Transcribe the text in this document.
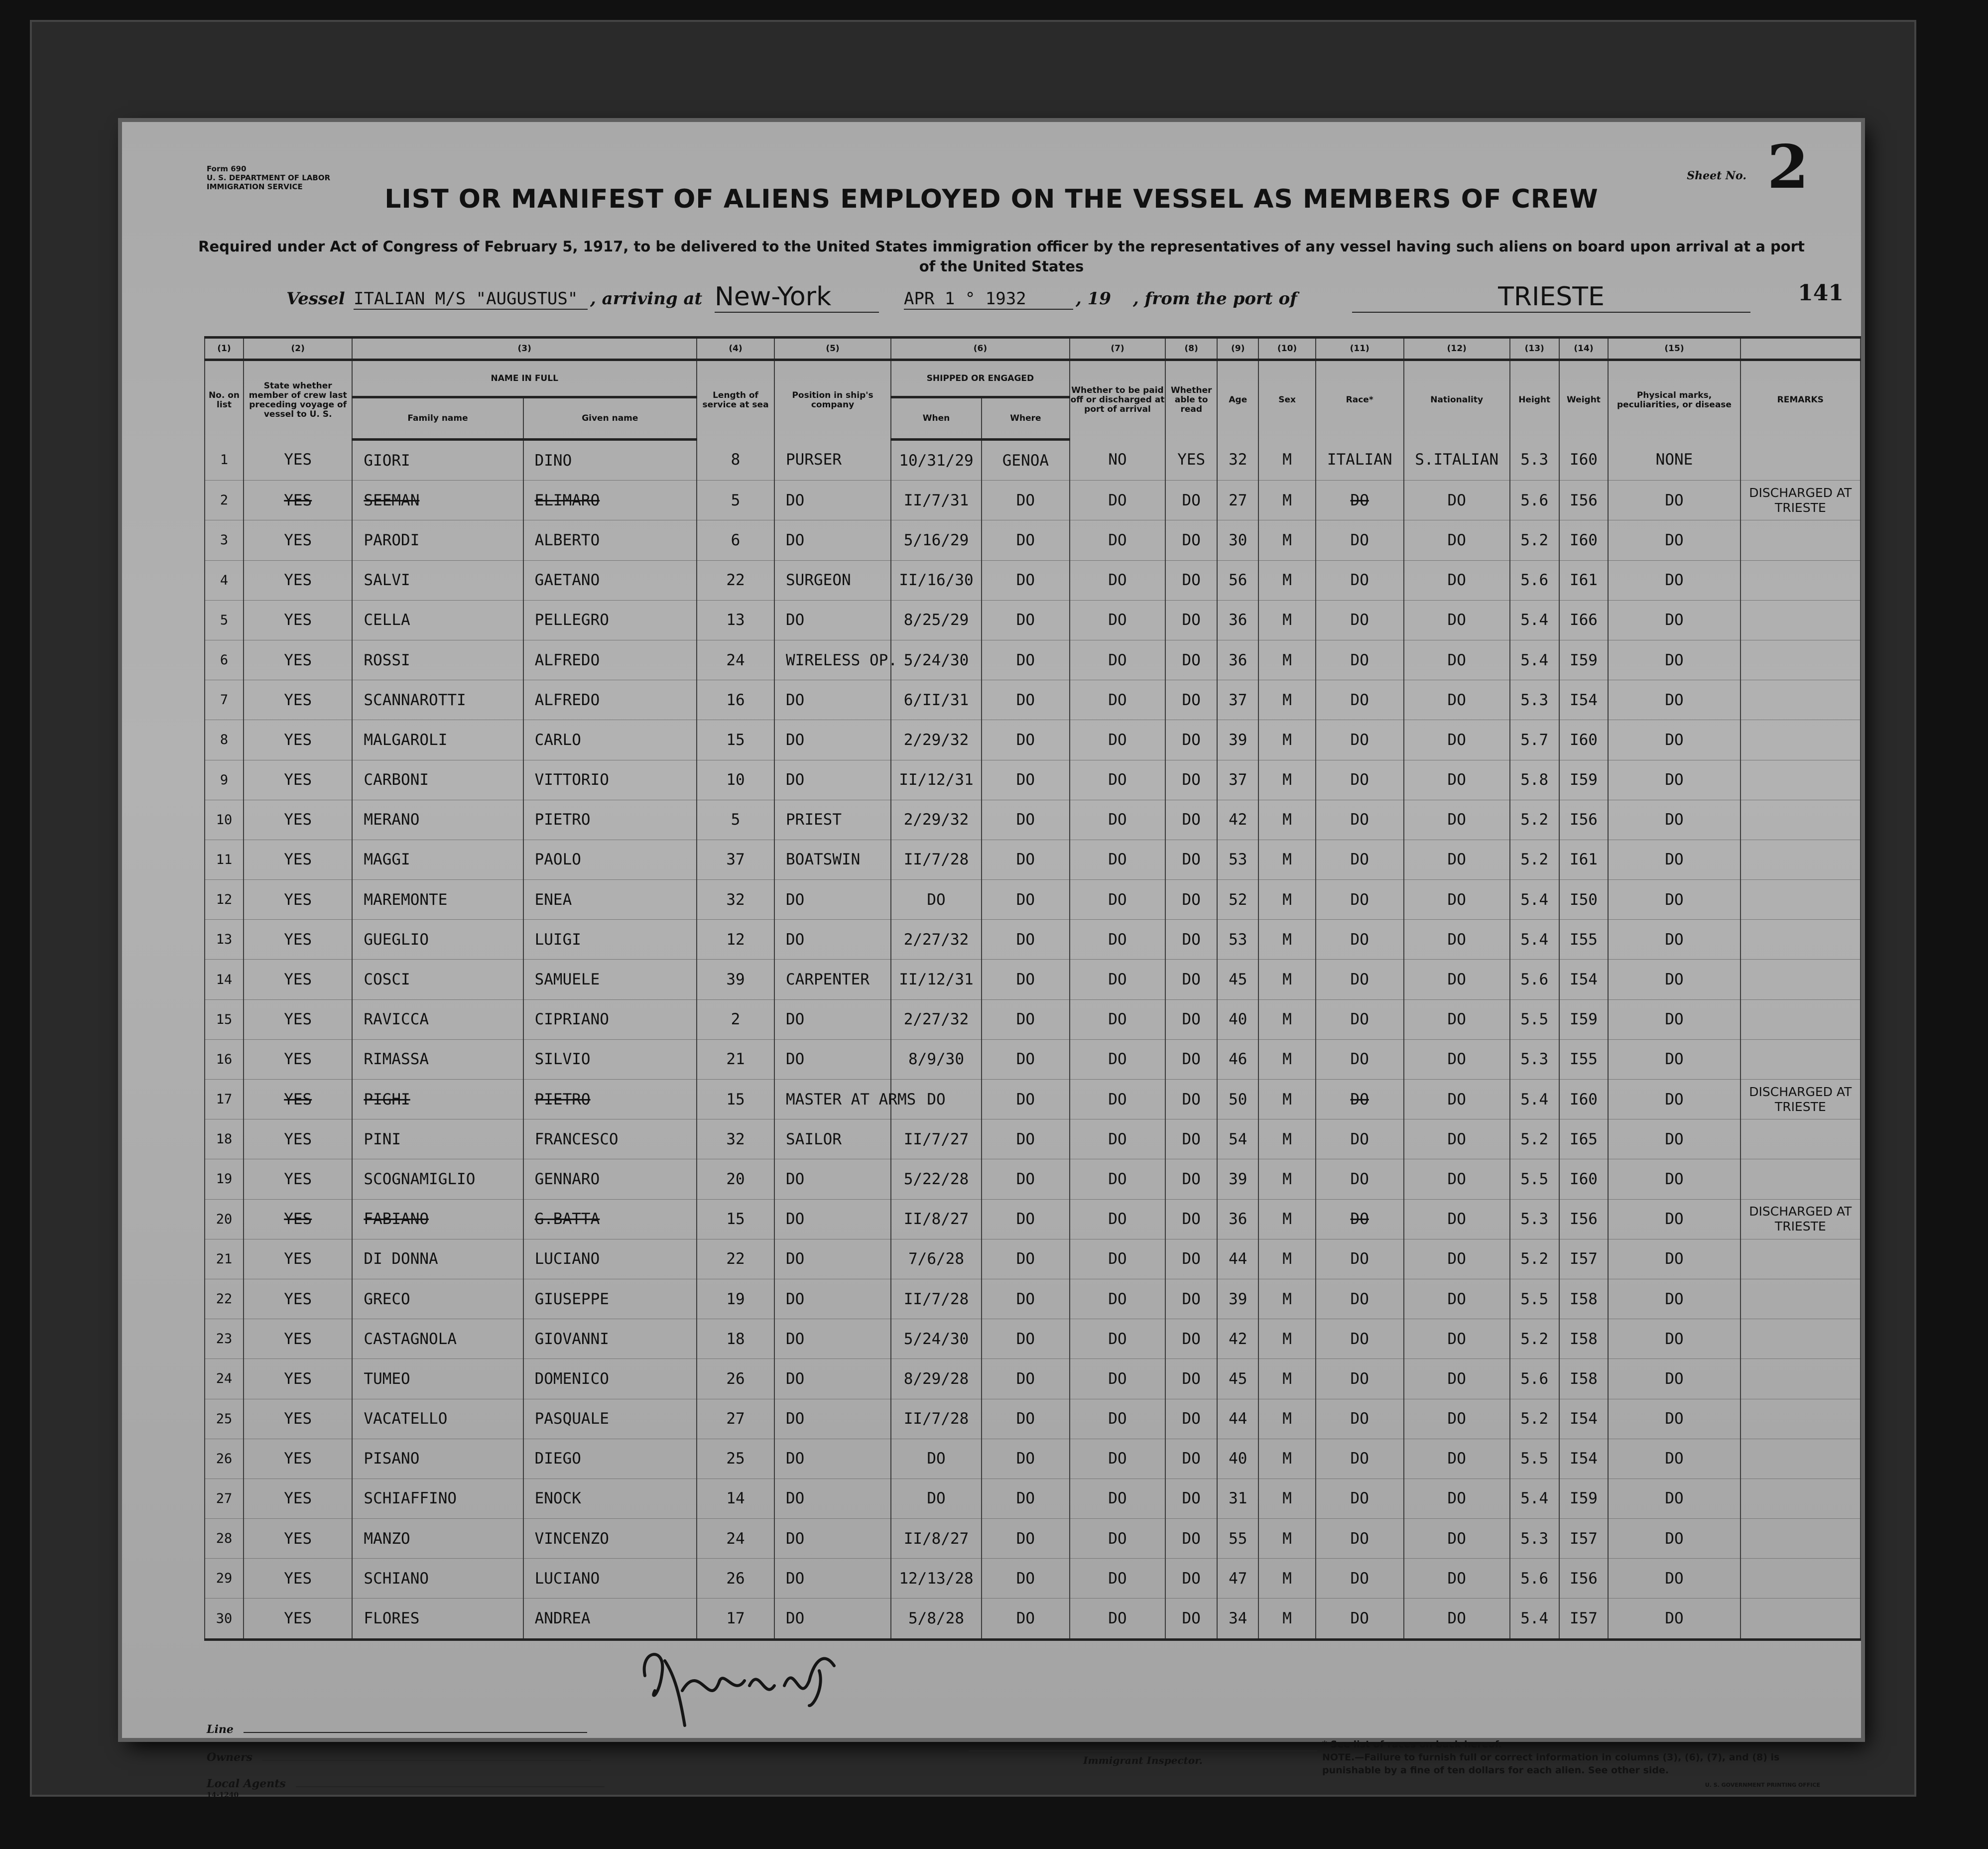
Form 690
U. S. DEPARTMENT OF LABOR
IMMIGRATION SERVICE	2
Sheet No.
LIST OR MANIFEST OF ALIENS EMPLOYED ON THE VESSEL AS MEMBERS OF CREW
Required under Act of Congress of February 5, 1917, to be delivered to the United States immigration officer by the representatives of any vessel having such aliens on board upon arrival at a port of the United States
Vessel ITALIAN M/S "AUGUSTUS" , arriving at New-York	APR 1 ° 1932	, 19 , from the port of	TRIESTE	141
(1)	(2)	(3)		(4)	(5)	(6)		(7)	(8)	(9)	(10)	(11)	(12)	(13)	(14)	(15)	
No. on list	State whether member of crew last preceding voyage of vessel to U. S.	NAME IN FULL		Length of service at sea	Position in ship's company	SHIPPED OR ENGAGED		Whether to be paid off or discharged at port of arrival	Whether able to read	Age	Sex	Race*	Nationality	Height	Weight	Physical marks, peculiarities, or disease	REMARKS
		Family name	Given name			When	Where										
1	YES	GIORI	DINO	8	PURSER	10/31/29	GENOA	NO	YES	32	M	ITALIAN	S.ITALIAN	5.3	I60	NONE	
2	YES	SEEMAN	ELIMARO	5	DO	II/7/31	DO	DO	DO	27	M	DO	DO	5.6	I56	DO	DISCHARGED AT TRIESTE
3	YES	PARODI	ALBERTO	6	DO	5/16/29	DO	DO	DO	30	M	DO	DO	5.2	I60	DO	
4	YES	SALVI	GAETANO	22	SURGEON	II/16/30	DO	DO	DO	56	M	DO	DO	5.6	I61	DO	
5	YES	CELLA	PELLEGRO	13	DO	8/25/29	DO	DO	DO	36	M	DO	DO	5.4	I66	DO	
6	YES	ROSSI	ALFREDO	24	WIRELESS OP.	5/24/30	DO	DO	DO	36	M	DO	DO	5.4	I59	DO	
7	YES	SCANNAROTTI	ALFREDO	16	DO	6/II/31	DO	DO	DO	37	M	DO	DO	5.3	I54	DO	
8	YES	MALGAROLI	CARLO	15	DO	2/29/32	DO	DO	DO	39	M	DO	DO	5.7	I60	DO	
9	YES	CARBONI	VITTORIO	10	DO	II/12/31	DO	DO	DO	37	M	DO	DO	5.8	I59	DO	
10	YES	MERANO	PIETRO	5	PRIEST	2/29/32	DO	DO	DO	42	M	DO	DO	5.2	I56	DO	
11	YES	MAGGI	PAOLO	37	BOATSWIN	II/7/28	DO	DO	DO	53	M	DO	DO	5.2	I61	DO	
12	YES	MAREMONTE	ENEA	32	DO	DO	DO	DO	DO	52	M	DO	DO	5.4	I50	DO	
13	YES	GUEGLIO	LUIGI	12	DO	2/27/32	DO	DO	DO	53	M	DO	DO	5.4	I55	DO	
14	YES	COSCI	SAMUELE	39	CARPENTER	II/12/31	DO	DO	DO	45	M	DO	DO	5.6	I54	DO	
15	YES	RAVICCA	CIPRIANO	2	DO	2/27/32	DO	DO	DO	40	M	DO	DO	5.5	I59	DO	
16	YES	RIMASSA	SILVIO	21	DO	8/9/30	DO	DO	DO	46	M	DO	DO	5.3	I55	DO	
17	YES	PIGHI	PIETRO	15	MASTER AT ARMS	DO	DO	DO	DO	50	M	DO	DO	5.4	I60	DO	DISCHARGED AT TRIESTE
18	YES	PINI	FRANCESCO	32	SAILOR	II/7/27	DO	DO	DO	54	M	DO	DO	5.2	I65	DO	
19	YES	SCOGNAMIGLIO	GENNARO	20	DO	5/22/28	DO	DO	DO	39	M	DO	DO	5.5	I60	DO	
20	YES	FABIANO	G.BATTA	15	DO	II/8/27	DO	DO	DO	36	M	DO	DO	5.3	I56	DO	DISCHARGED AT TRIESTE
21	YES	DI DONNA	LUCIANO	22	DO	7/6/28	DO	DO	DO	44	M	DO	DO	5.2	I57	DO	
22	YES	GRECO	GIUSEPPE	19	DO	II/7/28	DO	DO	DO	39	M	DO	DO	5.5	I58	DO	
23	YES	CASTAGNOLA	GIOVANNI	18	DO	5/24/30	DO	DO	DO	42	M	DO	DO	5.2	I58	DO	
24	YES	TUMEO	DOMENICO	26	DO	8/29/28	DO	DO	DO	45	M	DO	DO	5.6	I58	DO	
25	YES	VACATELLO	PASQUALE	27	DO	II/7/28	DO	DO	DO	44	M	DO	DO	5.2	I54	DO	
26	YES	PISANO	DIEGO	25	DO	DO	DO	DO	DO	40	M	DO	DO	5.5	I54	DO	
27	YES	SCHIAFFINO	ENOCK	14	DO	DO	DO	DO	DO	31	M	DO	DO	5.4	I59	DO	
28	YES	MANZO	VINCENZO	24	DO	II/8/27	DO	DO	DO	55	M	DO	DO	5.3	I57	DO	
29	YES	SCHIANO	LUCIANO	26	DO	12/13/28	DO	DO	DO	47	M	DO	DO	5.6	I56	DO	
30	YES	FLORES	ANDREA	17	DO	5/8/28	DO	DO	DO	34	M	DO	DO	5.4	I57	DO	
Line
Owners
Local Agents
14-1240
Immigrant Inspector.
* See list of races on back hereof.
NOTE.—Failure to furnish full or correct information in columns (3), (6), (7), and (8) is punishable by a fine of ten dollars for each alien. See other side.
U. S. GOVERNMENT PRINTING OFFICE
